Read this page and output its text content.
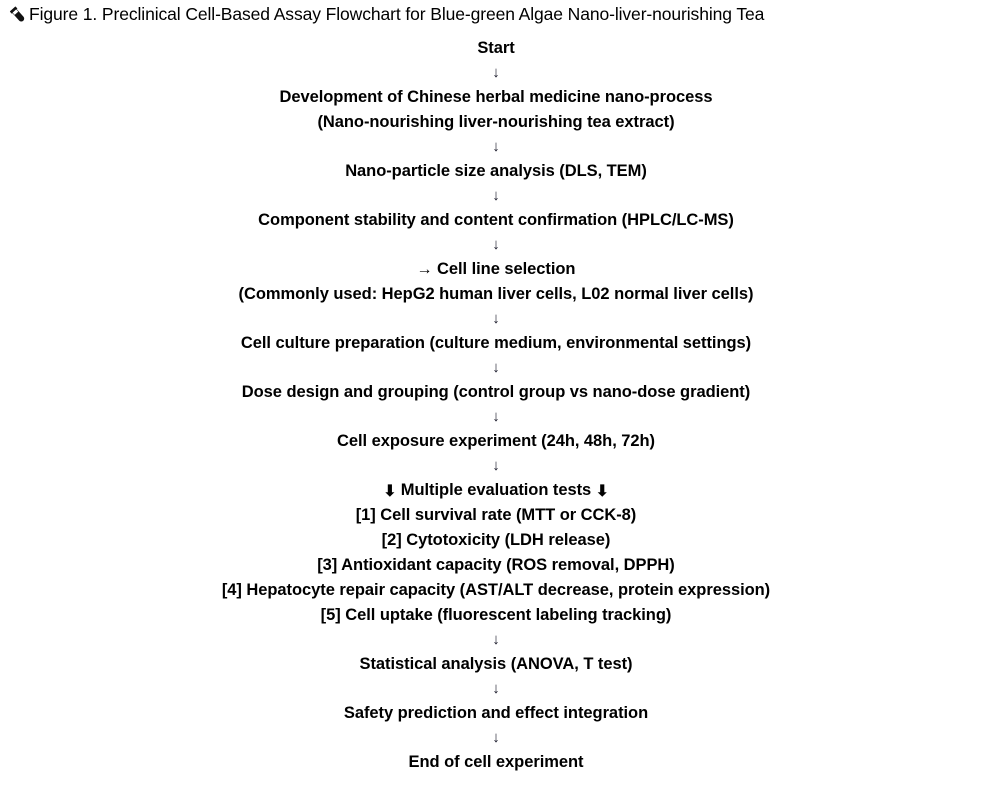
Figure 1. Preclinical Cell-Based Assay Flowchart for Blue-green Algae Nano-liver-nourishing Tea
Start
↓
Development of Chinese herbal medicine nano-process
(Nano-nourishing liver-nourishing tea extract)
↓
Nano-particle size analysis (DLS, TEM)
↓
Component stability and content confirmation (HPLC/LC-MS)
↓
→ Cell line selection
(Commonly used: HepG2 human liver cells, L02 normal liver cells)
↓
Cell culture preparation (culture medium, environmental settings)
↓
Dose design and grouping (control group vs nano-dose gradient)
↓
Cell exposure experiment (24h, 48h, 72h)
↓
⬇ Multiple evaluation tests ⬇
[1] Cell survival rate (MTT or CCK-8)
[2] Cytotoxicity (LDH release)
[3] Antioxidant capacity (ROS removal, DPPH)
[4] Hepatocyte repair capacity (AST/ALT decrease, protein expression)
[5] Cell uptake (fluorescent labeling tracking)
↓
Statistical analysis (ANOVA, T test)
↓
Safety prediction and effect integration
↓
End of cell experiment
